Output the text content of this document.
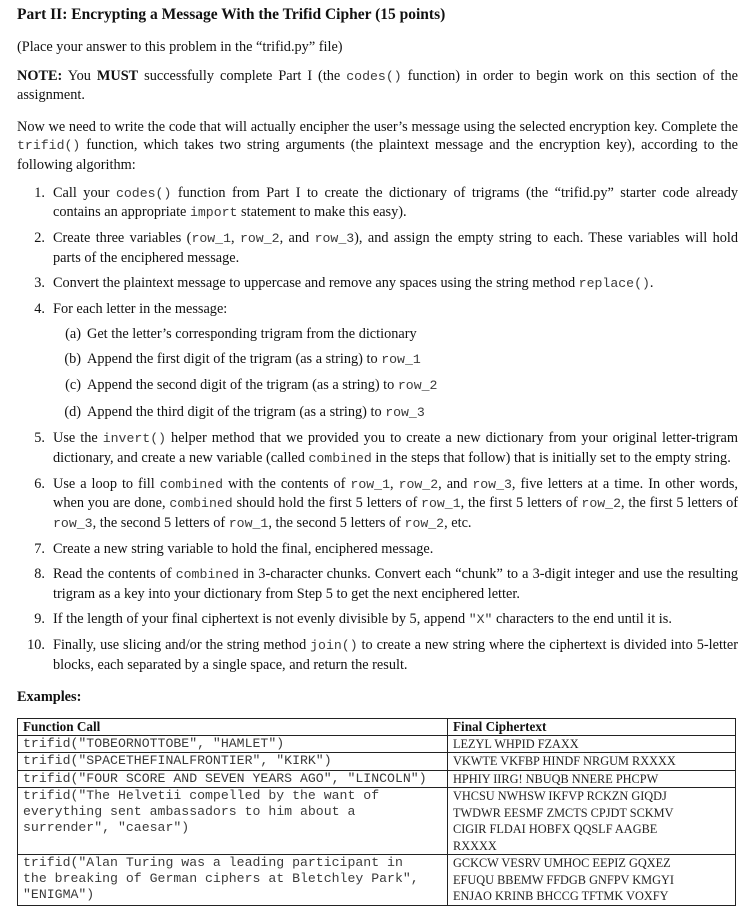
Part II: Encrypting a Message With the Trifid Cipher (15 points)

(Place your answer to this problem in the “trifid.py” file)

NOTE: You MUST successfully complete Part I (the codes() function) in order to begin work on this section of the assignment.

Now we need to write the code that will actually encipher the user’s message using the selected encryption key. Complete the trifid() function, which takes two string arguments (the plaintext message and the encryption key), according to the following algorithm:

1. Call your codes() function from Part I to create the dictionary of trigrams (the “trifid.py” starter code already contains an appropriate import statement to make this easy).
2. Create three variables (row_1, row_2, and row_3), and assign the empty string to each. These variables will hold parts of the enciphered message.
3. Convert the plaintext message to uppercase and remove any spaces using the string method replace().
4. For each letter in the message:
(a) Get the letter’s corresponding trigram from the dictionary
(b) Append the first digit of the trigram (as a string) to row_1
(c) Append the second digit of the trigram (as a string) to row_2
(d) Append the third digit of the trigram (as a string) to row_3
5. Use the invert() helper method that we provided you to create a new dictionary from your original letter-trigram dictionary, and create a new variable (called combined in the steps that follow) that is initially set to the empty string.
6. Use a loop to fill combined with the contents of row_1, row_2, and row_3, five letters at a time. In other words, when you are done, combined should hold the first 5 letters of row_1, the first 5 letters of row_2, the first 5 letters of row_3, the second 5 letters of row_1, the second 5 letters of row_2, etc.
7. Create a new string variable to hold the final, enciphered message.
8. Read the contents of combined in 3-character chunks. Convert each “chunk” to a 3-digit integer and use the resulting trigram as a key into your dictionary from Step 5 to get the next enciphered letter.
9. If the length of your final ciphertext is not evenly divisible by 5, append "X" characters to the end until it is.
10. Finally, use slicing and/or the string method join() to create a new string where the ciphertext is divided into 5-letter blocks, each separated by a single space, and return the result.
Examples:
Function Call	Final Ciphertext

trifid("TOBEORNOTTOBE", "HAMLET")	LEZYL WHPID FZAXX

trifid("SPACETHEFINALFRONTIER", "KIRK")	VKWTE VKFBP HINDF NRGUM RXXXX

trifid("FOUR SCORE AND SEVEN YEARS AGO", "LINCOLN")	HPHIY IIRG! NBUQB NNERE PHCPW

trifid("The Helvetii compelled by the want of
everything sent ambassadors to him about a
surrender", "caesar")	VHCSU NWHSW IKFVP RCKZN GIQDJ
TWDWR EESMF ZMCTS CPJDT SCKMV
CIGIR FLDAI HOBFX QQSLF AAGBE
RXXXX

trifid("Alan Turing was a leading participant in
the breaking of German ciphers at Bletchley Park",
"ENIGMA")	GCKCW VESRV UMHOC EEPIZ GQXEZ
EFUQU BBEMW FFDGB GNFPV KMGYI
ENJAO KRINB BHCCG TFTMK VOXFY
